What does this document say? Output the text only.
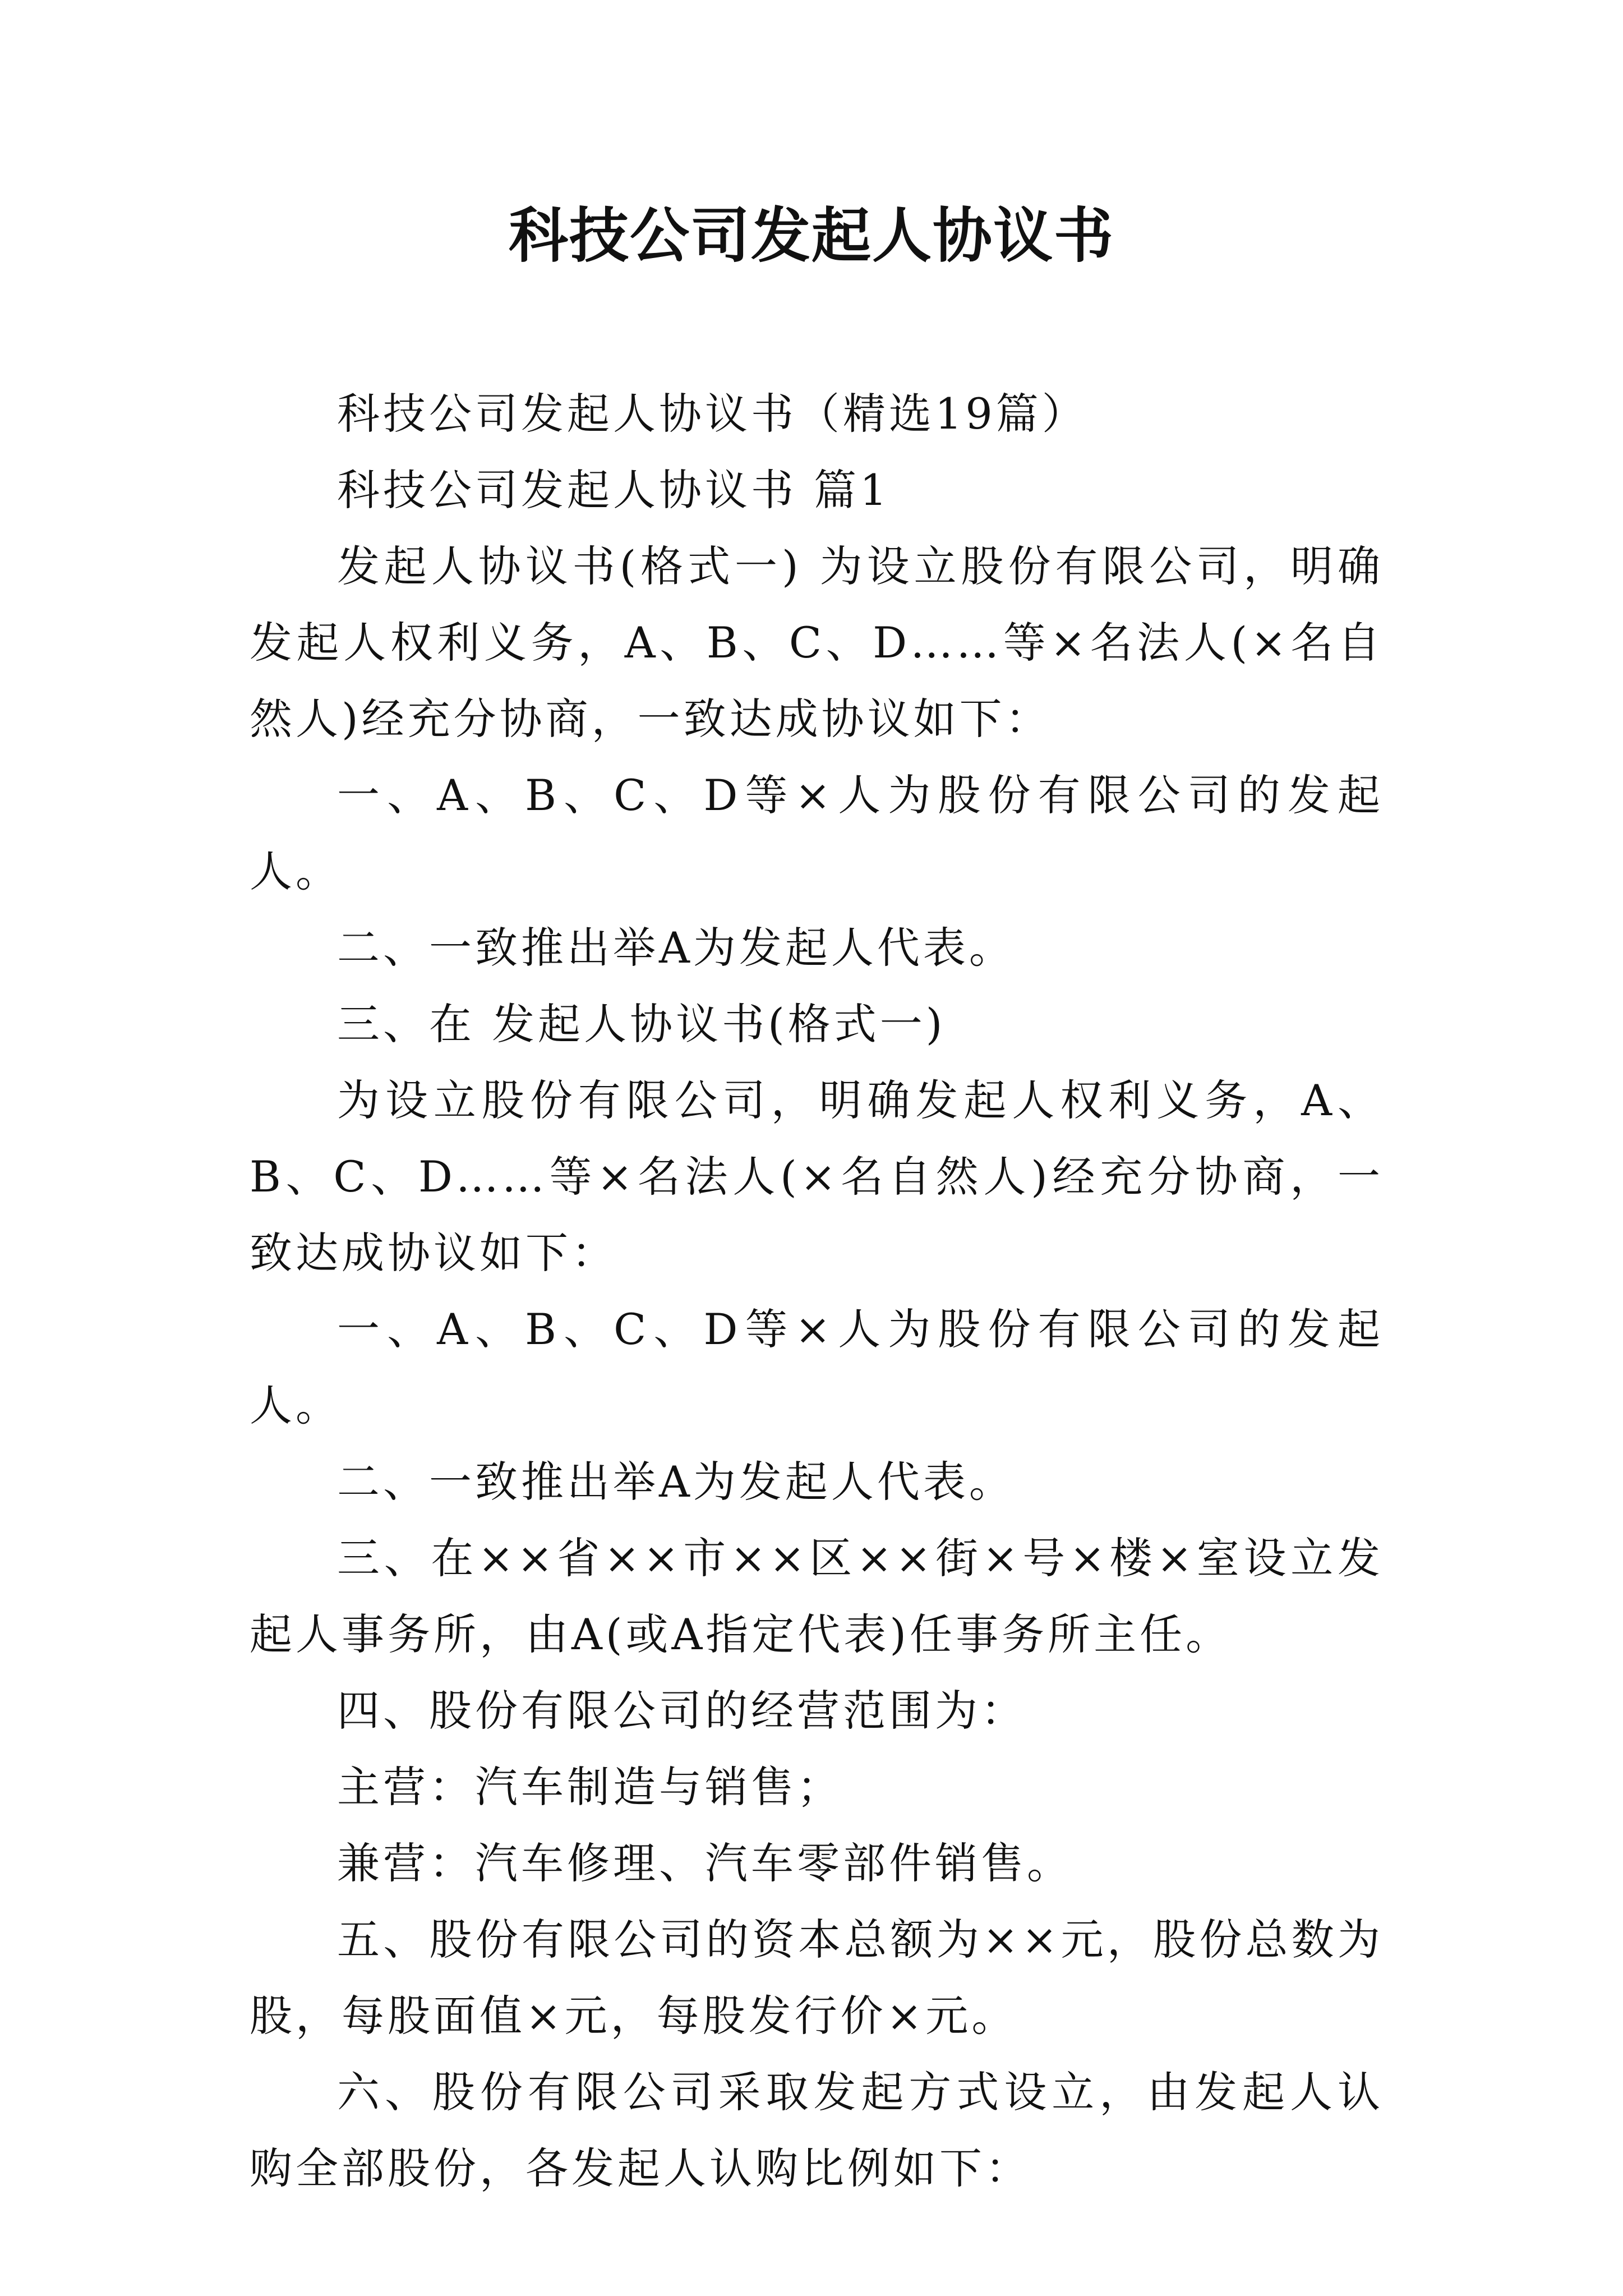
科技公司发起人协议书

科技公司发起人协议书（精选19篇）

科技公司发起人协议书 篇1

发起人协议书(格式一) 为设立股份有限公司，明确发起人权利义务，A、B、C、D……等×名法人(×名自然人)经充分协商，一致达成协议如下：

一、A、B、C、D等×人为股份有限公司的发起人。

二、一致推出举A为发起人代表。

三、在 发起人协议书(格式一)

为设立股份有限公司，明确发起人权利义务，A、B、C、D……等×名法人(×名自然人)经充分协商，一致达成协议如下：

一、A、B、C、D等×人为股份有限公司的发起人。

二、一致推出举A为发起人代表。

三、在××省××市××区××街×号×楼×室设立发起人事务所，由A(或A指定代表)任事务所主任。

四、股份有限公司的经营范围为：

主营：汽车制造与销售；

兼营：汽车修理、汽车零部件销售。

五、股份有限公司的资本总额为××元，股份总数为股，每股面值×元，每股发行价×元。

六、股份有限公司采取发起方式设立，由发起人认购全部股份，各发起人认购比例如下：
